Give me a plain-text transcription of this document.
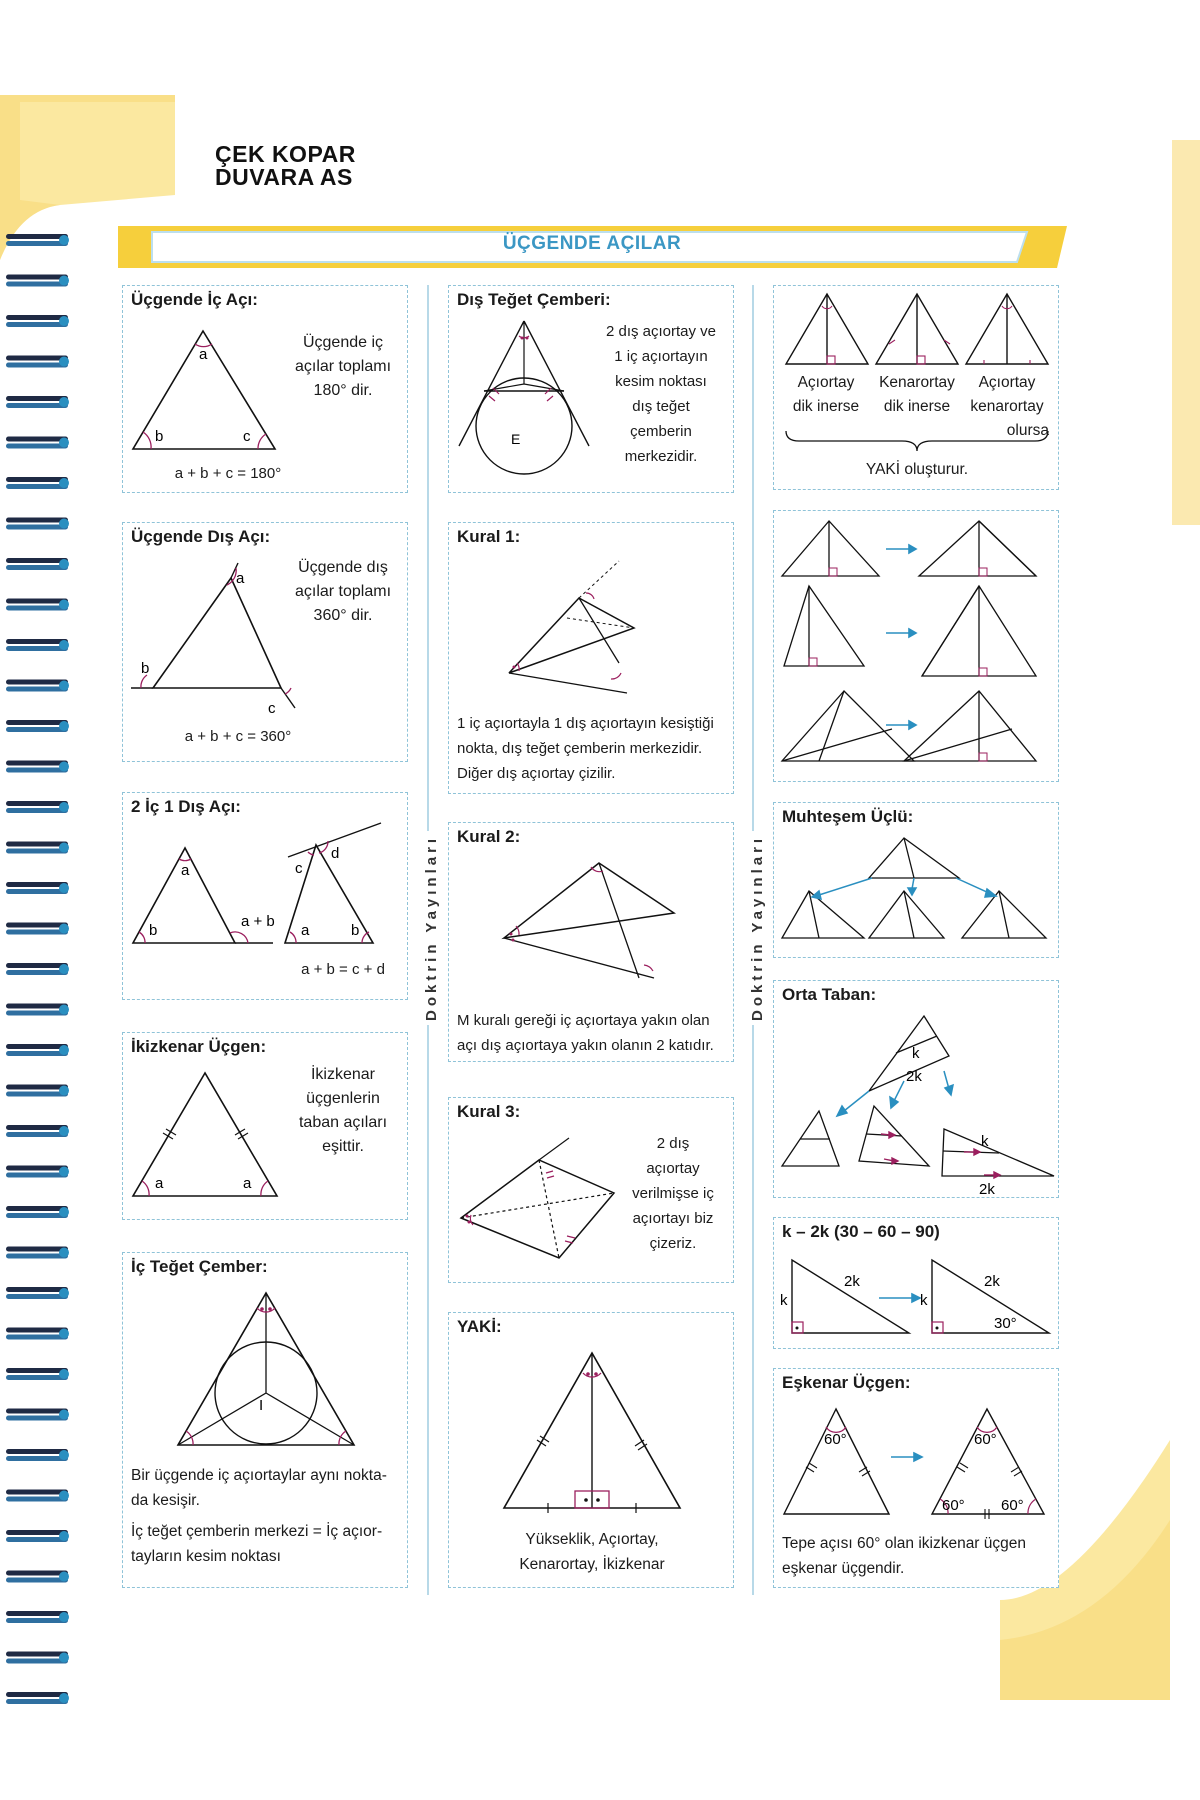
ÇEK KOPAR
DUVARA AS
ÜÇGENDE AÇILAR
Doktrin Yayınları	Doktrin Yayınları
Üçgende İç Açı:
a
b	c
Üçgende iç
açılar toplamı
180° dir.
a + b + c = 180°
Üçgende Dış Açı:
a
b
c
Üçgende dış
açılar toplamı
360° dir.
a + b + c = 360°
2 İç 1 Dış Açı:
a
b
a + b
c
d
a	b
a + b = c + d
İkizkenar Üçgen:
a	a
İkizkenar
üçgenlerin
taban açıları
eşittir.
İç Teğet Çember:
I
Bir üçgende iç açıortaylar aynı nokta-
da kesişir.
İç teğet çemberin merkezi = İç açıor-
tayların kesim noktası
Dış Teğet Çemberi:
E
2 dış açıortay ve
1 iç açıortayın
kesim noktası
dış teğet
çemberin
merkezidir.
Kural 1:
1 iç açıortayla 1 dış açıortayın kesiştiği
nokta, dış teğet çemberin merkezidir.
Diğer dış açıortay çizilir.
Kural 2:
M kuralı gereği iç açıortaya yakın olan
açı dış açıortaya yakın olanın 2 katıdır.
Kural 3:
2 dış
açıortay
verilmişse iç
açıortayı biz
çizeriz.
YAKİ:
Yükseklik, Açıortay,
Kenarortay, İkizkenar
Açıortay
dik inerse
Kenarortay
dik inerse
Açıortay
kenarortay
olursa
YAKİ oluşturur.
Muhteşem Üçlü:
Orta Taban:
k
2k
k
2k
k – 2k (30 – 60 – 90)
k
2k
k
2k
30°
Eşkenar Üçgen:
60°	60°
60° 60°
Tepe açısı 60° olan ikizkenar üçgen
eşkenar üçgendir.
